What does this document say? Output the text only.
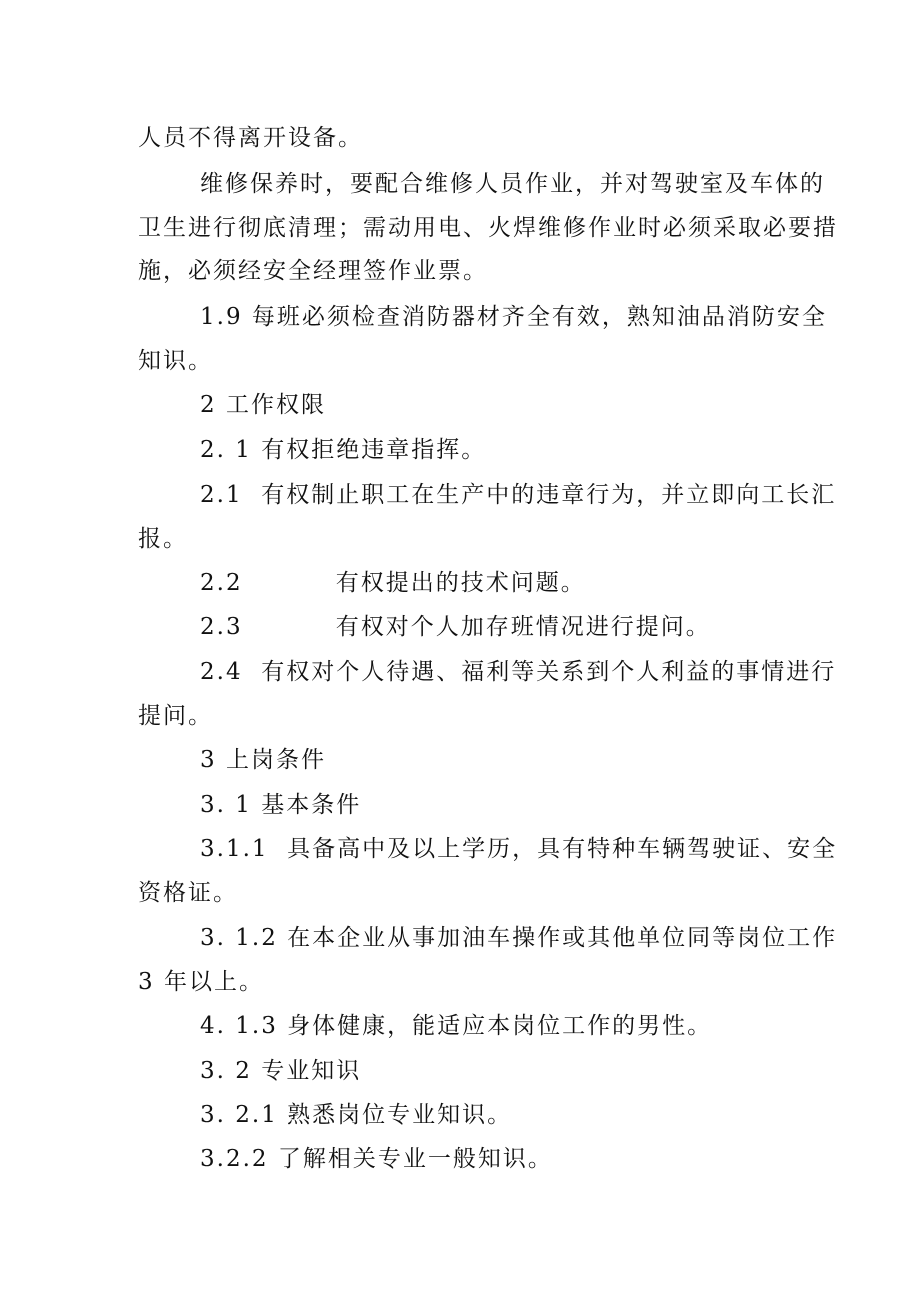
人员不得离开设备。
维修保养时，要配合维修人员作业，并对驾驶室及车体的
卫生进行彻底清理；需动用电、火焊维修作业时必须采取必要措
施，必须经安全经理签作业票。
1.9 每班必须检查消防器材齐全有效，熟知油品消防安全
知识。
2 工作权限
2. 1 有权拒绝违章指挥。
2.1  有权制止职工在生产中的违章行为，并立即向工长汇
报。
2.2          有权提出的技术问题。
2.3          有权对个人加存班情况进行提问。
2.4  有权对个人待遇、福利等关系到个人利益的事情进行
提问。
3 上岗条件
3. 1 基本条件
3.1.1  具备高中及以上学历，具有特种车辆驾驶证、安全
资格证。
3. 1.2 在本企业从事加油车操作或其他单位同等岗位工作
3 年以上。
4. 1.3 身体健康，能适应本岗位工作的男性。
3. 2 专业知识
3. 2.1 熟悉岗位专业知识。
3.2.2 了解相关专业一般知识。
